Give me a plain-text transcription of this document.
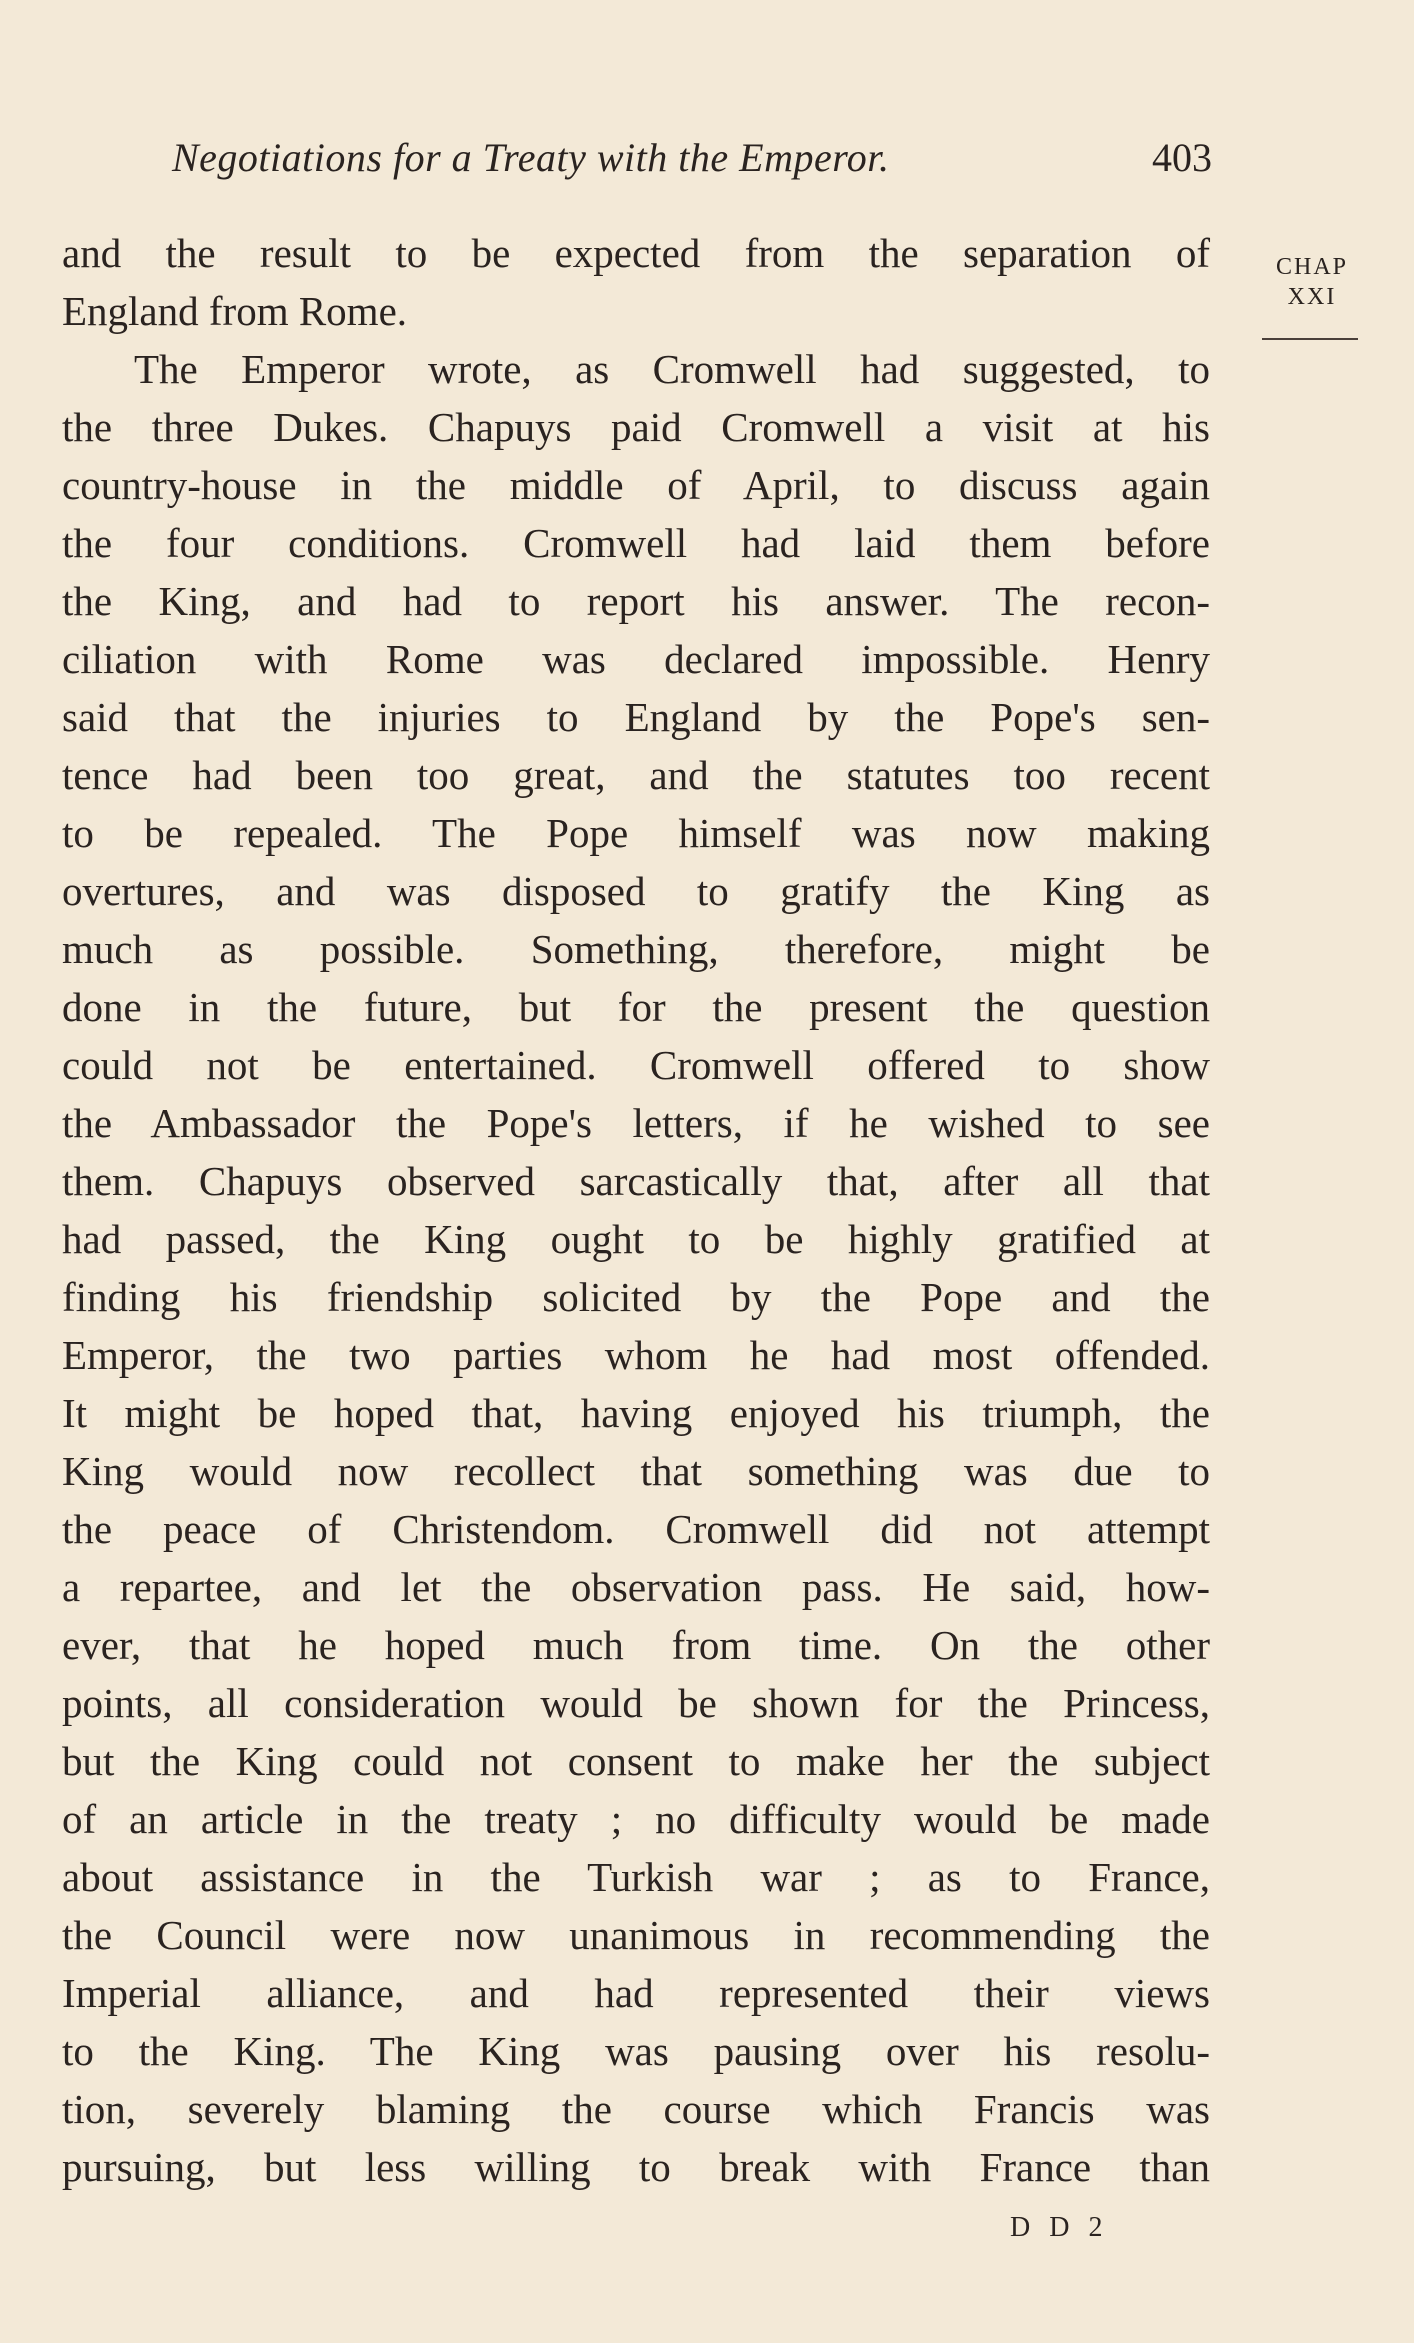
Negotiations for a Treaty with the Emperor.	403
CHAP
XXI
and the result to be expected from the separation of
England from Rome.
The Emperor wrote, as Cromwell had suggested, to
the three Dukes. Chapuys paid Cromwell a visit at his
country-house in the middle of April, to discuss again
the four conditions. Cromwell had laid them before
the King, and had to report his answer. The recon-
ciliation with Rome was declared impossible. Henry
said that the injuries to England by the Pope's sen-
tence had been too great, and the statutes too recent
to be repealed. The Pope himself was now making
overtures, and was disposed to gratify the King as
much as possible. Something, therefore, might be
done in the future, but for the present the question
could not be entertained. Cromwell offered to show
the Ambassador the Pope's letters, if he wished to see
them. Chapuys observed sarcastically that, after all that
had passed, the King ought to be highly gratified at
finding his friendship solicited by the Pope and the
Emperor, the two parties whom he had most offended.
It might be hoped that, having enjoyed his triumph, the
King would now recollect that something was due to
the peace of Christendom. Cromwell did not attempt
a repartee, and let the observation pass. He said, how-
ever, that he hoped much from time. On the other
points, all consideration would be shown for the Princess,
but the King could not consent to make her the subject
of an article in the treaty ; no difficulty would be made
about assistance in the Turkish war ; as to France,
the Council were now unanimous in recommending the
Imperial alliance, and had represented their views
to the King. The King was pausing over his resolu-
tion, severely blaming the course which Francis was
pursuing, but less willing to break with France than
D D 2
